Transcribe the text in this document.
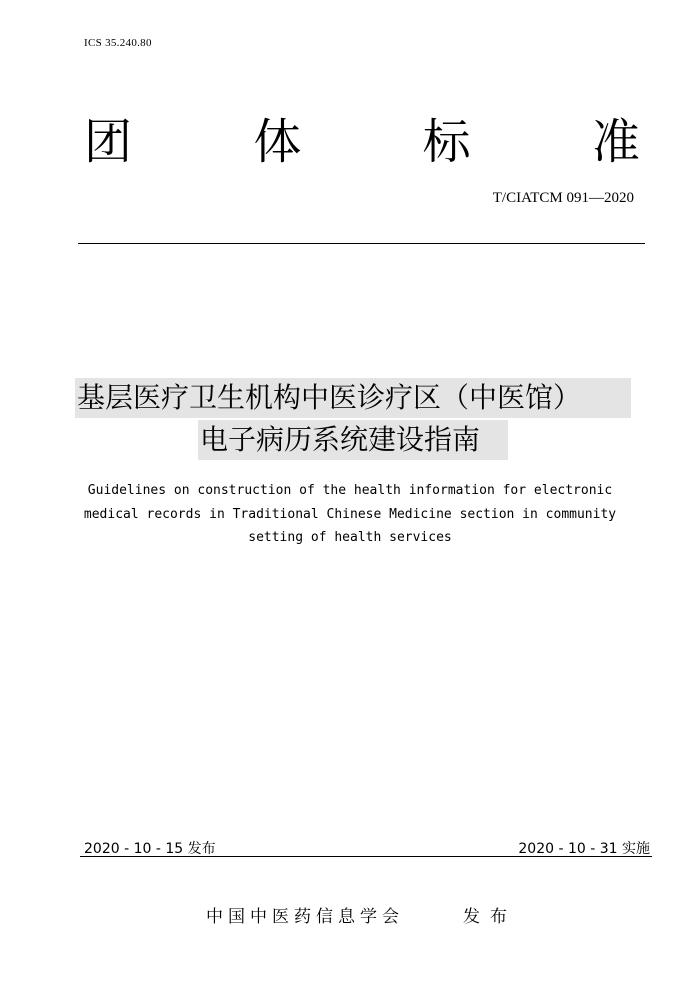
ICS 35.240.80
团	体	标	准
T/CIATCM 091—2020
基层医疗卫生机构中医诊疗区（中医馆）
电子病历系统建设指南
Guidelines on construction of the health information for electronic
medical records in Traditional Chinese Medicine section in community
setting of health services
2020 - 10 - 15 发布	2020 - 10 - 31 实施
中国中医药信息学会	发布
